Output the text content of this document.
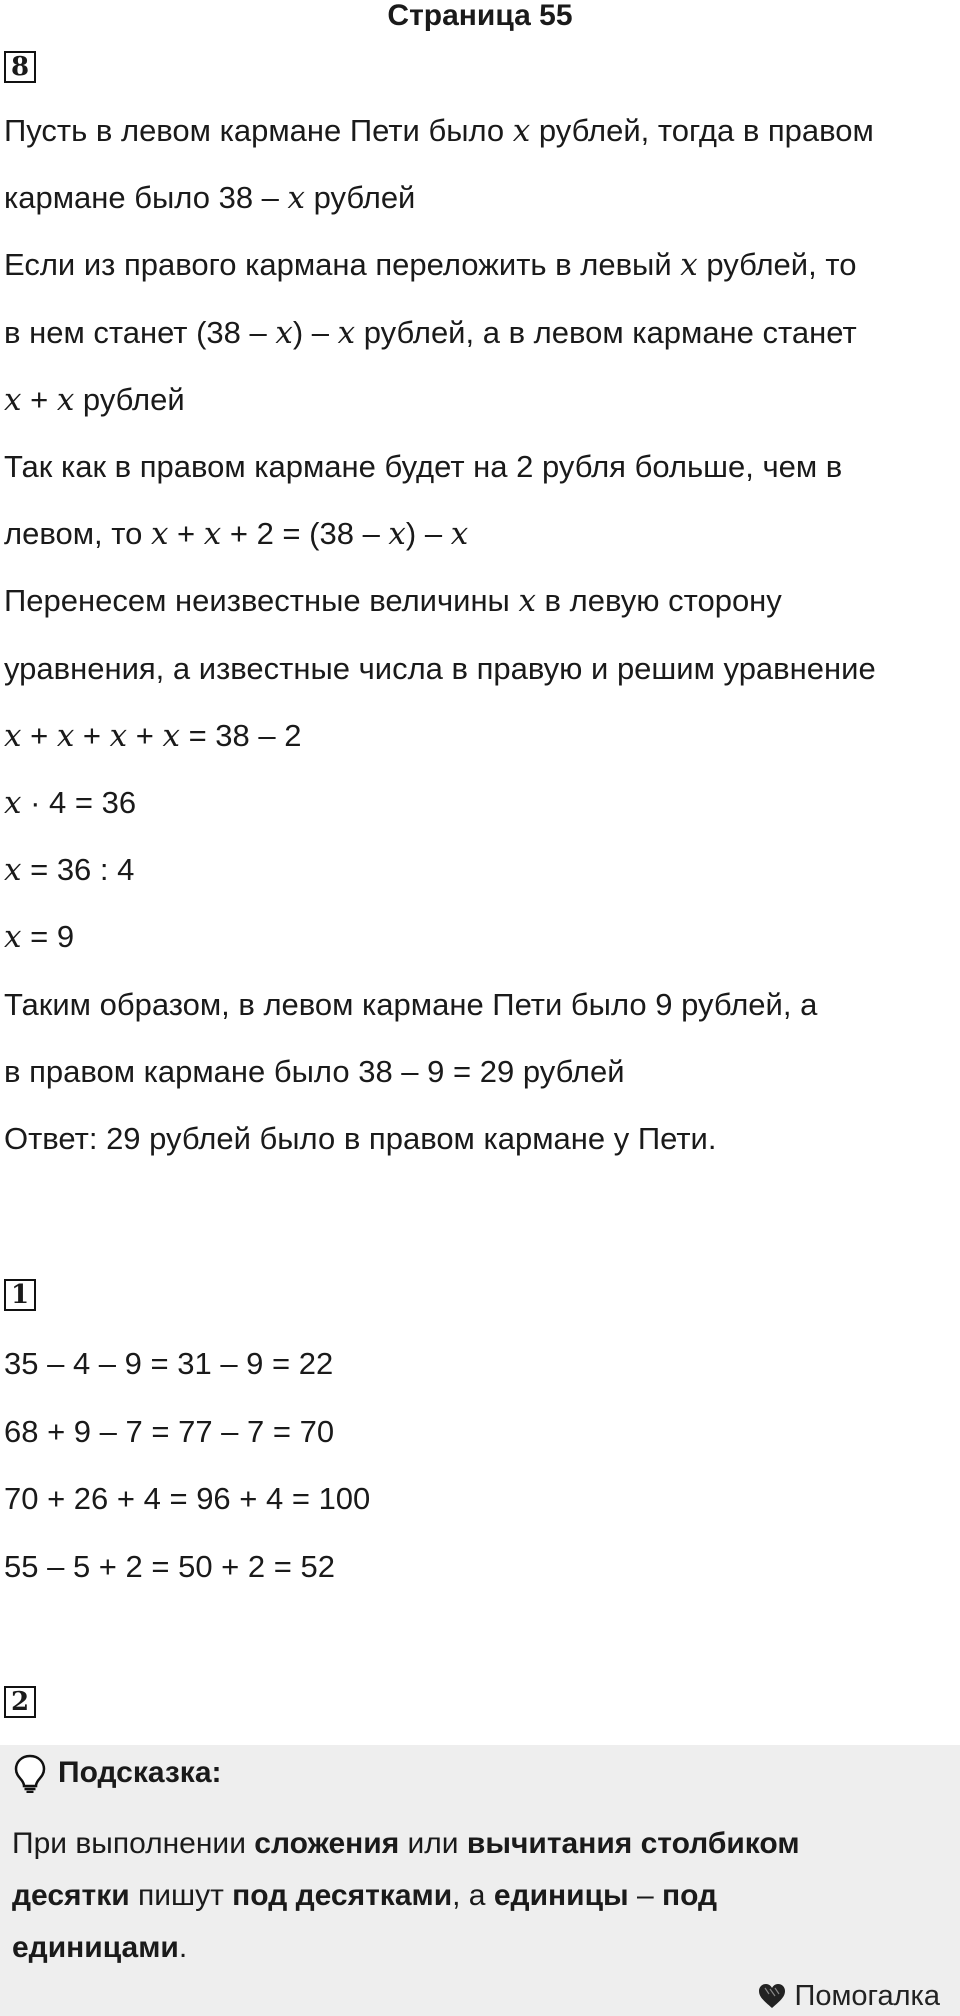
Страница 55
8
Пусть в левом кармане Пети было x рублей, тогда в правом
кармане было 38 – x рублей
Если из правого кармана переложить в левый x рублей, то
в нем станет (38 – x) – x рублей, а в левом кармане станет
x + x рублей
Так как в правом кармане будет на 2 рубля больше, чем в
левом, то x + x + 2 = (38 – x) – x
Перенесем неизвестные величины x в левую сторону
уравнения, а известные числа в правую и решим уравнение
x + x + x + x = 38 – 2
x · 4 = 36
x = 36 : 4
x = 9
Таким образом, в левом кармане Пети было 9 рублей, а
в правом кармане было 38 – 9 = 29 рублей
Ответ: 29 рублей было в правом кармане у Пети.
1
35 – 4 – 9 = 31 – 9 = 22
68 + 9 – 7 = 77 – 7 = 70
70 + 26 + 4 = 96 + 4 = 100
55 – 5 + 2 = 50 + 2 = 52
2
Подсказка:
При выполнении сложения или вычитания столбиком
десятки пишут под десятками, а единицы – под
единицами.
Помогалка
